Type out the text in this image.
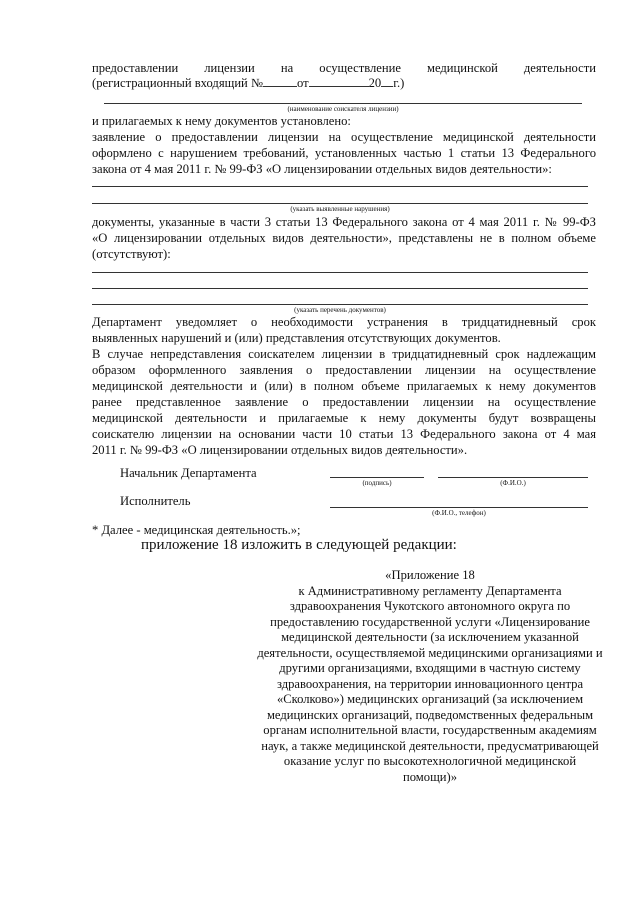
предоставлении лицензии на осуществление медицинской деятельности
(регистрационный входящий №	от	20 г.)
(наименование соискателя лицензии)
и прилагаемых к нему документов установлено:
заявление о предоставлении лицензии на осуществление медицинской деятельности
оформлено с нарушением требований, установленных частью 1 статьи 13 Федерального
закона от 4 мая 2011 г. № 99-ФЗ «О лицензировании отдельных видов деятельности»:
(указать выявленные нарушения)
документы, указанные в части 3 статьи 13 Федерального закона от 4 мая 2011 г. № 99-ФЗ
«О лицензировании отдельных видов деятельности», представлены не в полном объеме
(отсутствуют):
(указать перечень документов)
Департамент уведомляет о необходимости устранения в тридцатидневный срок
выявленных нарушений и (или) представления отсутствующих документов.
В случае непредставления соискателем лицензии в тридцатидневный срок надлежащим
образом оформленного заявления о предоставлении лицензии на осуществление
медицинской деятельности и (или) в полном объеме прилагаемых к нему документов
ранее представленное заявление о предоставлении лицензии на осуществление
медицинской деятельности и прилагаемые к нему документы будут возвращены
соискателю лицензии на основании части 10 статьи 13 Федерального закона от 4 мая
2011 г. № 99-ФЗ «О лицензировании отдельных видов деятельности».
Начальник Департамента
(подпись)	(Ф.И.О.)
Исполнитель
(Ф.И.О., телефон)
* Далее - медицинская деятельность.»;
приложение 18 изложить в следующей редакции:
«Приложение 18
к Административному регламенту Департамента
здравоохранения Чукотского автономного округа по
предоставлению государственной услуги «Лицензирование
медицинской деятельности (за исключением указанной
деятельности, осуществляемой медицинскими организациями и
другими организациями, входящими в частную систему
здравоохранения, на территории инновационного центра
«Сколково») медицинских организаций (за исключением
медицинских организаций, подведомственных федеральным
органам исполнительной власти, государственным академиям
наук, а также медицинской деятельности, предусматривающей
оказание услуг по высокотехнологичной медицинской
помощи)»
